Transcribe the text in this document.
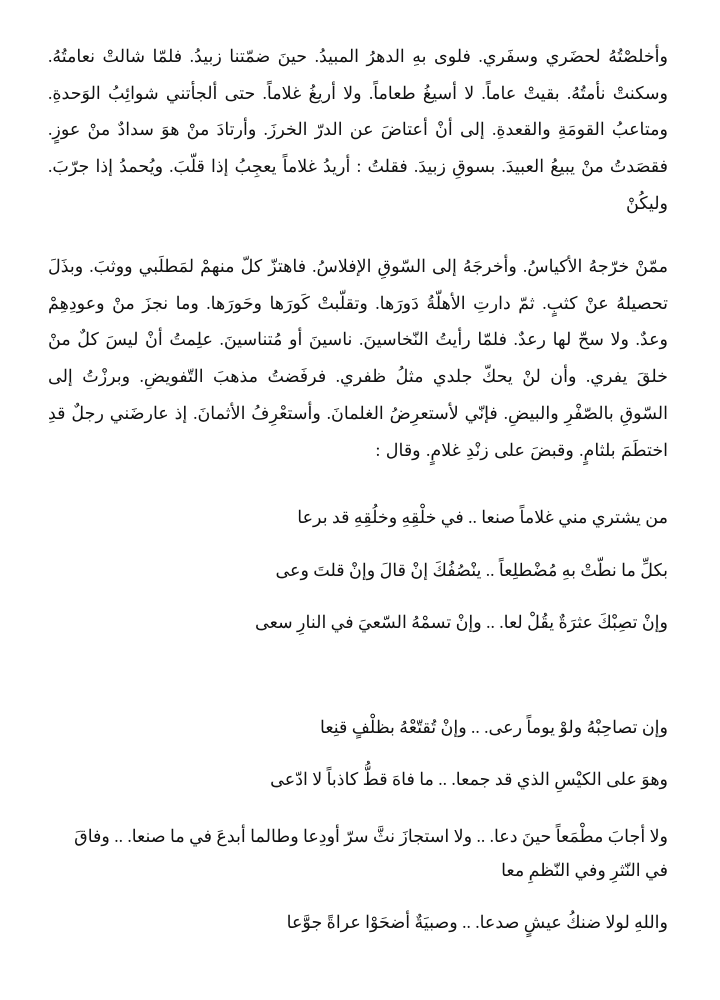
وأخلصْتُهُ لحضَري وسفَري. فلوى بهِ الدهرُ المبيدُ. حينَ ضمّتنا زبيدُ. فلمّا شالتْ نعامتُهُ. وسكنتْ نأمتُهُ. بقيتْ عاماً. لا أسيغُ طعاماً. ولا أريغُ غلاماً. حتى ألجأتني شوائِبُ الوَحدةِ. ومتاعبُ القومَةِ والقعدةِ. إلى أنْ أعتاضَ عن الدرّ الخرزَ. وأرتادَ منْ هوَ سدادٌ منْ عوزٍ. فقصَدتُ منْ يبيعُ العبيدَ. بسوقِ زبيدَ. فقلتُ : أريدُ غلاماً يعجِبُ إذا قلّبَ. ويُحمدُ إذا جرّبَ. وليكُنْ
ممّنْ خرّجهُ الأكياسُ. وأخرجَهُ إلى السّوقِ الإفلاسُ. فاهتزّ كلّ منهمْ لمَطلَبي ووثبَ. وبذَلَ تحصيلهُ عنْ كثبٍ. ثمّ دارتِ الأهلّةُ دَورَها. وتقلّبتْ كَورَها وحَورَها. وما نجزَ منْ وعودِهِمْ وعدٌ. ولا سحّ لها رعدٌ. فلمّا رأيتُ النّخاسينَ. ناسينَ أو مُتناسينَ. علِمتُ أنْ ليسَ كلٌ منْ خلقَ يفري. وأن لنْ يحكّ جلدي مثلُ ظفري. فرفَضتُ مذهبَ التّفويضِ. وبرزْتُ إلى السّوقِ بالصّفْرِ والبيضِ. فإنّي لأستعرِضُ الغلمانَ. وأستعْرِفُ الأثمانَ. إذ عارضَني رجلٌ قدِ اختطَمَ بلثامٍ. وقبضَ على زنْدِ غلامٍ. وقال :
من يشتري مني غلاماً صنعا .. في خلْقِهِ وخلُقِهِ قد برعا
بكلِّ ما نطّتْ بهِ مُضْطلِعاً .. ينْصُفُكَ إنْ قالَ وإنْ قلتَ وعى
وإنْ تصِبْكَ عثرَةٌ يقُلْ لعا. .. وإنْ تسمْهُ السّعيَ في النارِ سعى
وإن تصاحِبْهُ ولوْ يوماً رعى. .. وإنْ تُقتّعْهُ بظلْفٍ قنِعا
وهوَ على الكيْسِ الذي قد جمعا. .. ما فاهَ قطُّ كاذباً لا ادّعى
ولا أجابَ مطْمَعاً حينَ دعا. .. ولا استجازَ نثَّ سرّ أودِعا وطالما أبدعَ في ما صنعا. .. وفاقَ في النّثرِ وفي النّظمِ معا
واللهِ لولا ضنكُ عيشٍ صدعا. .. وصبيَةٌ أضحَوْا عراةً جوَّعا
